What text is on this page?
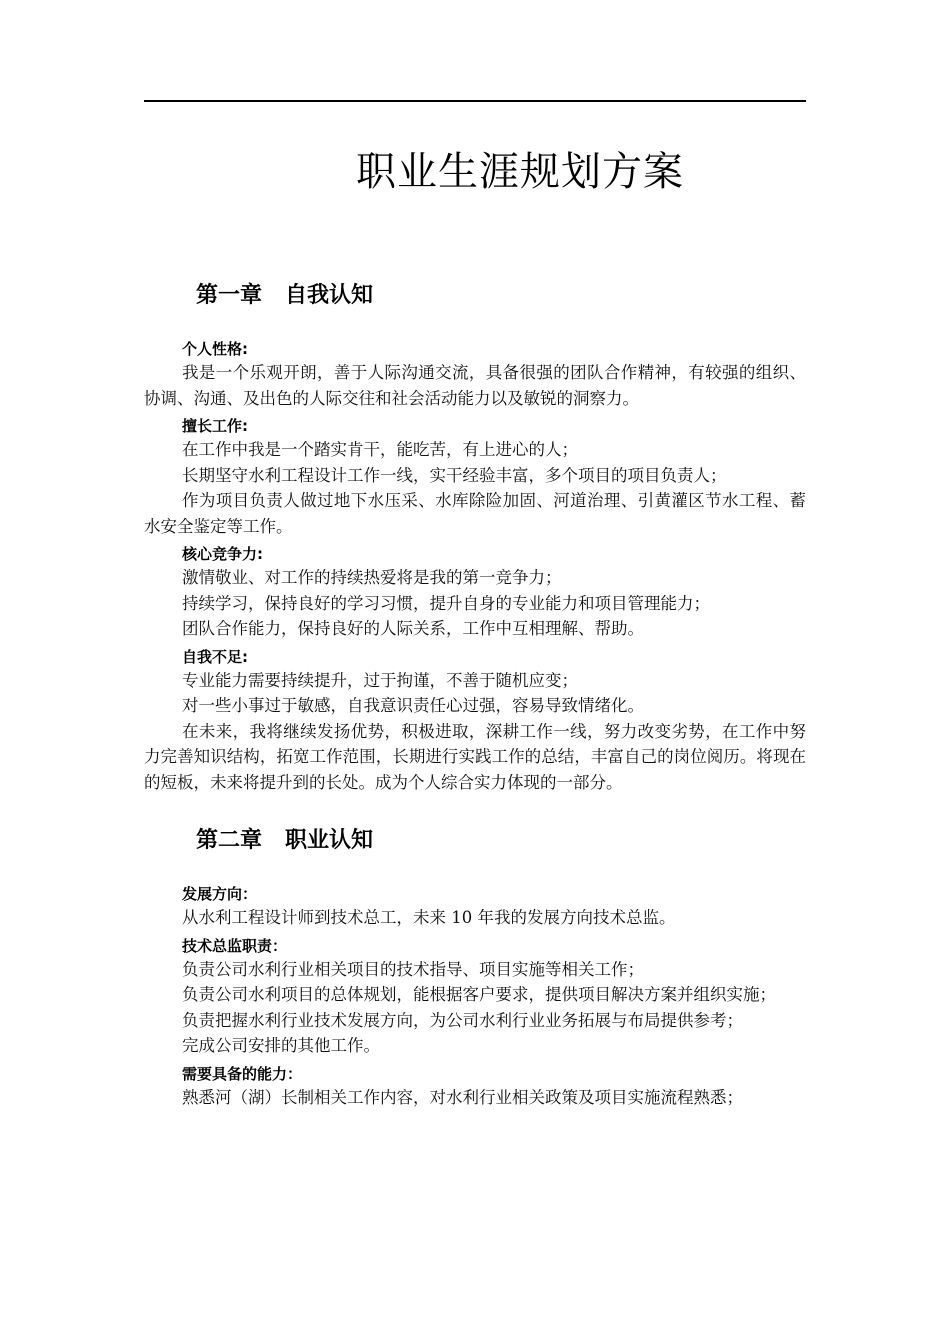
职业生涯规划方案
第一章   自我认知
个人性格:

我是一个乐观开朗，善于人际沟通交流，具备很强的团队合作精神，有较强的组织、协调、沟通、及出色的人际交往和社会活动能力以及敏锐的洞察力。

擅长工作:

在工作中我是一个踏实肯干，能吃苦，有上进心的人；

长期坚守水利工程设计工作一线，实干经验丰富，多个项目的项目负责人；

作为项目负责人做过地下水压采、水库除险加固、河道治理、引黄灌区节水工程、蓄水安全鉴定等工作。

核心竞争力:

激情敬业、对工作的持续热爱将是我的第一竞争力；

持续学习，保持良好的学习习惯，提升自身的专业能力和项目管理能力；

团队合作能力，保持良好的人际关系，工作中互相理解、帮助。

自我不足:

专业能力需要持续提升，过于拘谨，不善于随机应变；

对一些小事过于敏感，自我意识责任心过强，容易导致情绪化。

在未来，我将继续发扬优势，积极进取，深耕工作一线，努力改变劣势，在工作中努力完善知识结构，拓宽工作范围，长期进行实践工作的总结，丰富自己的岗位阅历。将现在的短板，未来将提升到的长处。成为个人综合实力体现的一部分。

第二章   职业认知
发展方向：

从水利工程设计师到技术总工，未来 10 年我的发展方向技术总监。

技术总监职责：

负责公司水利行业相关项目的技术指导、项目实施等相关工作；

负责公司水利项目的总体规划，能根据客户要求，提供项目解决方案并组织实施；

负责把握水利行业技术发展方向，为公司水利行业业务拓展与布局提供参考；

完成公司安排的其他工作。

需要具备的能力：

熟悉河（湖）长制相关工作内容，对水利行业相关政策及项目实施流程熟悉；
